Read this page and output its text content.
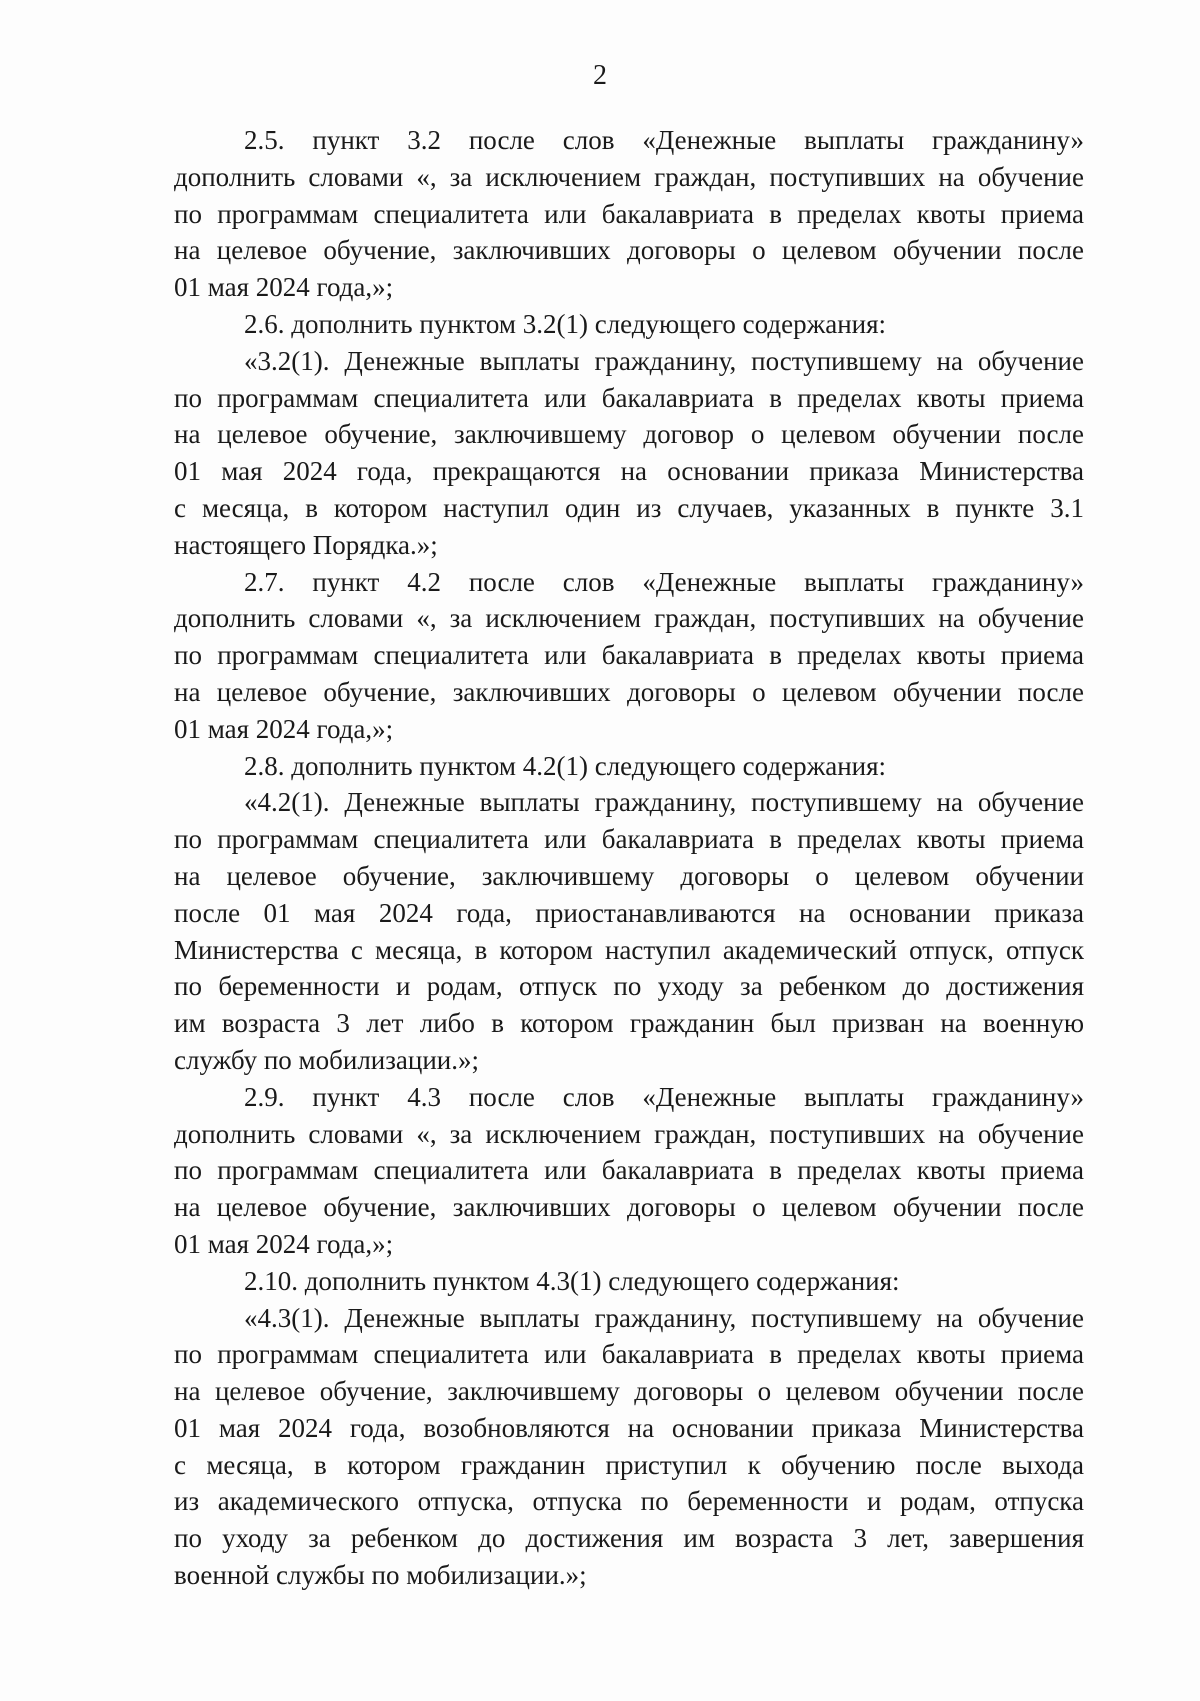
2
2.5. пункт 3.2 после слов «Денежные выплаты гражданину»
дополнить словами «, за исключением граждан, поступивших на обучение
по программам специалитета или бакалавриата в пределах квоты приема
на целевое обучение, заключивших договоры о целевом обучении после
01 мая 2024 года,»;
2.6. дополнить пунктом 3.2(1) следующего содержания:
«3.2(1). Денежные выплаты гражданину, поступившему на обучение
по программам специалитета или бакалавриата в пределах квоты приема
на целевое обучение, заключившему договор о целевом обучении после
01 мая 2024 года, прекращаются на основании приказа Министерства
с месяца, в котором наступил один из случаев, указанных в пункте 3.1
настоящего Порядка.»;
2.7. пункт 4.2 после слов «Денежные выплаты гражданину»
дополнить словами «, за исключением граждан, поступивших на обучение
по программам специалитета или бакалавриата в пределах квоты приема
на целевое обучение, заключивших договоры о целевом обучении после
01 мая 2024 года,»;
2.8. дополнить пунктом 4.2(1) следующего содержания:
«4.2(1). Денежные выплаты гражданину, поступившему на обучение
по программам специалитета или бакалавриата в пределах квоты приема
на целевое обучение, заключившему договоры о целевом обучении
после 01 мая 2024 года, приостанавливаются на основании приказа
Министерства с месяца, в котором наступил академический отпуск, отпуск
по беременности и родам, отпуск по уходу за ребенком до достижения
им возраста 3 лет либо в котором гражданин был призван на военную
службу по мобилизации.»;
2.9. пункт 4.3 после слов «Денежные выплаты гражданину»
дополнить словами «, за исключением граждан, поступивших на обучение
по программам специалитета или бакалавриата в пределах квоты приема
на целевое обучение, заключивших договоры о целевом обучении после
01 мая 2024 года,»;
2.10. дополнить пунктом 4.3(1) следующего содержания:
«4.3(1). Денежные выплаты гражданину, поступившему на обучение
по программам специалитета или бакалавриата в пределах квоты приема
на целевое обучение, заключившему договоры о целевом обучении после
01 мая 2024 года, возобновляются на основании приказа Министерства
с месяца, в котором гражданин приступил к обучению после выхода
из академического отпуска, отпуска по беременности и родам, отпуска
по уходу за ребенком до достижения им возраста 3 лет, завершения
военной службы по мобилизации.»;
